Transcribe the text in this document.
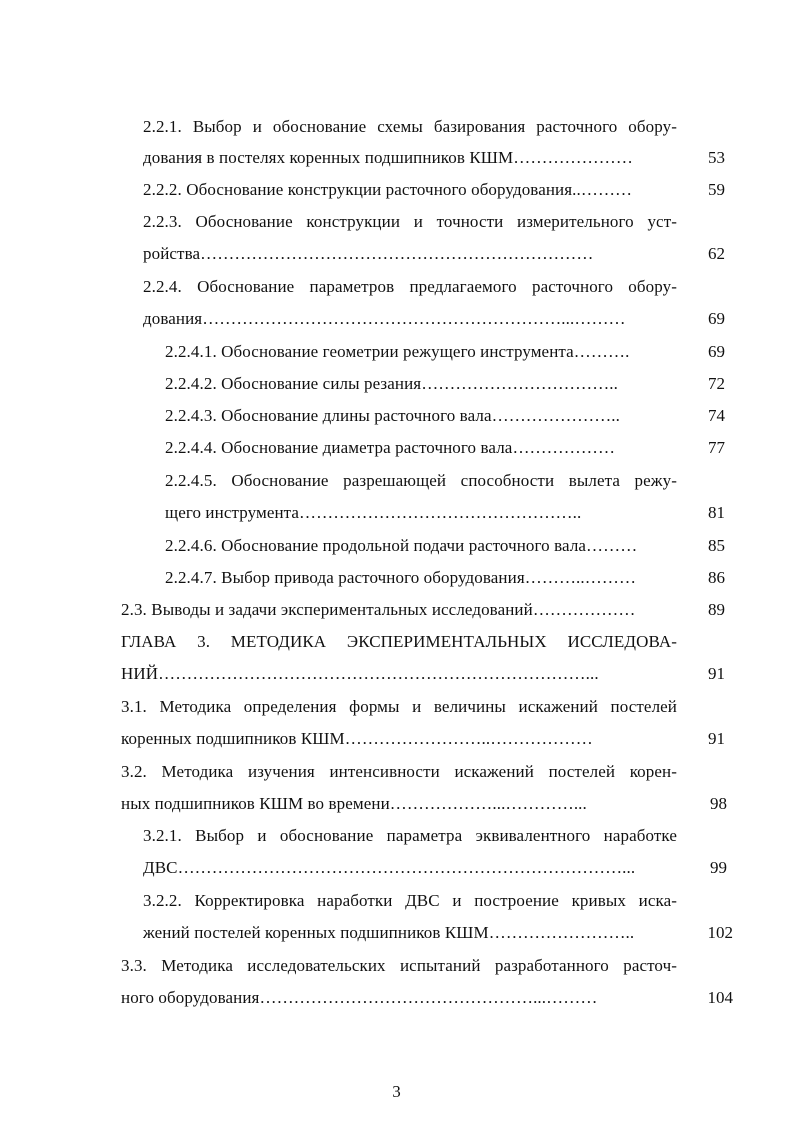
2.2.1. Выбор и обоснование схемы базирования расточного обору-
дования в постелях коренных подшипников КШМ…………………	53
2.2.2. Обоснование конструкции расточного оборудования..………	59
2.2.3. Обоснование конструкции и точности измерительного уст-
ройства……………………………………………………………	62
2.2.4. Обоснование параметров предлагаемого расточного обору-
дования………………………………………………………...………	69
2.2.4.1. Обоснование геометрии режущего инструмента……….	69
2.2.4.2. Обоснование силы резания……………………………..	72
2.2.4.3. Обоснование длины расточного вала…………………..	74
2.2.4.4. Обоснование диаметра расточного вала………………	77
2.2.4.5. Обоснование разрешающей способности вылета режу-
щего инструмента…………………………………………..	81
2.2.4.6. Обоснование продольной подачи расточного вала………	85
2.2.4.7. Выбор привода расточного оборудования………..………	86
2.3. Выводы и задачи экспериментальных исследований………………	89
ГЛАВА 3. МЕТОДИКА ЭКСПЕРИМЕНТАЛЬНЫХ ИССЛЕДОВА-
НИЙ…………………………………………………………………...	91
3.1. Методика определения формы и величины искажений постелей
коренных подшипников КШМ……………………..………………	91
3.2. Методика изучения интенсивности искажений постелей корен-
ных подшипников КШМ во времени………………...…………...	98
3.2.1. Выбор и обоснование параметра эквивалентного наработке
ДВС……………………………………………………………………...	99
3.2.2. Корректировка наработки ДВС и построение кривых иска-
жений постелей коренных подшипников КШМ……………………..	102
3.3. Методика исследовательских испытаний разработанного расточ-
ного оборудования…………………………………………...………	104
3
